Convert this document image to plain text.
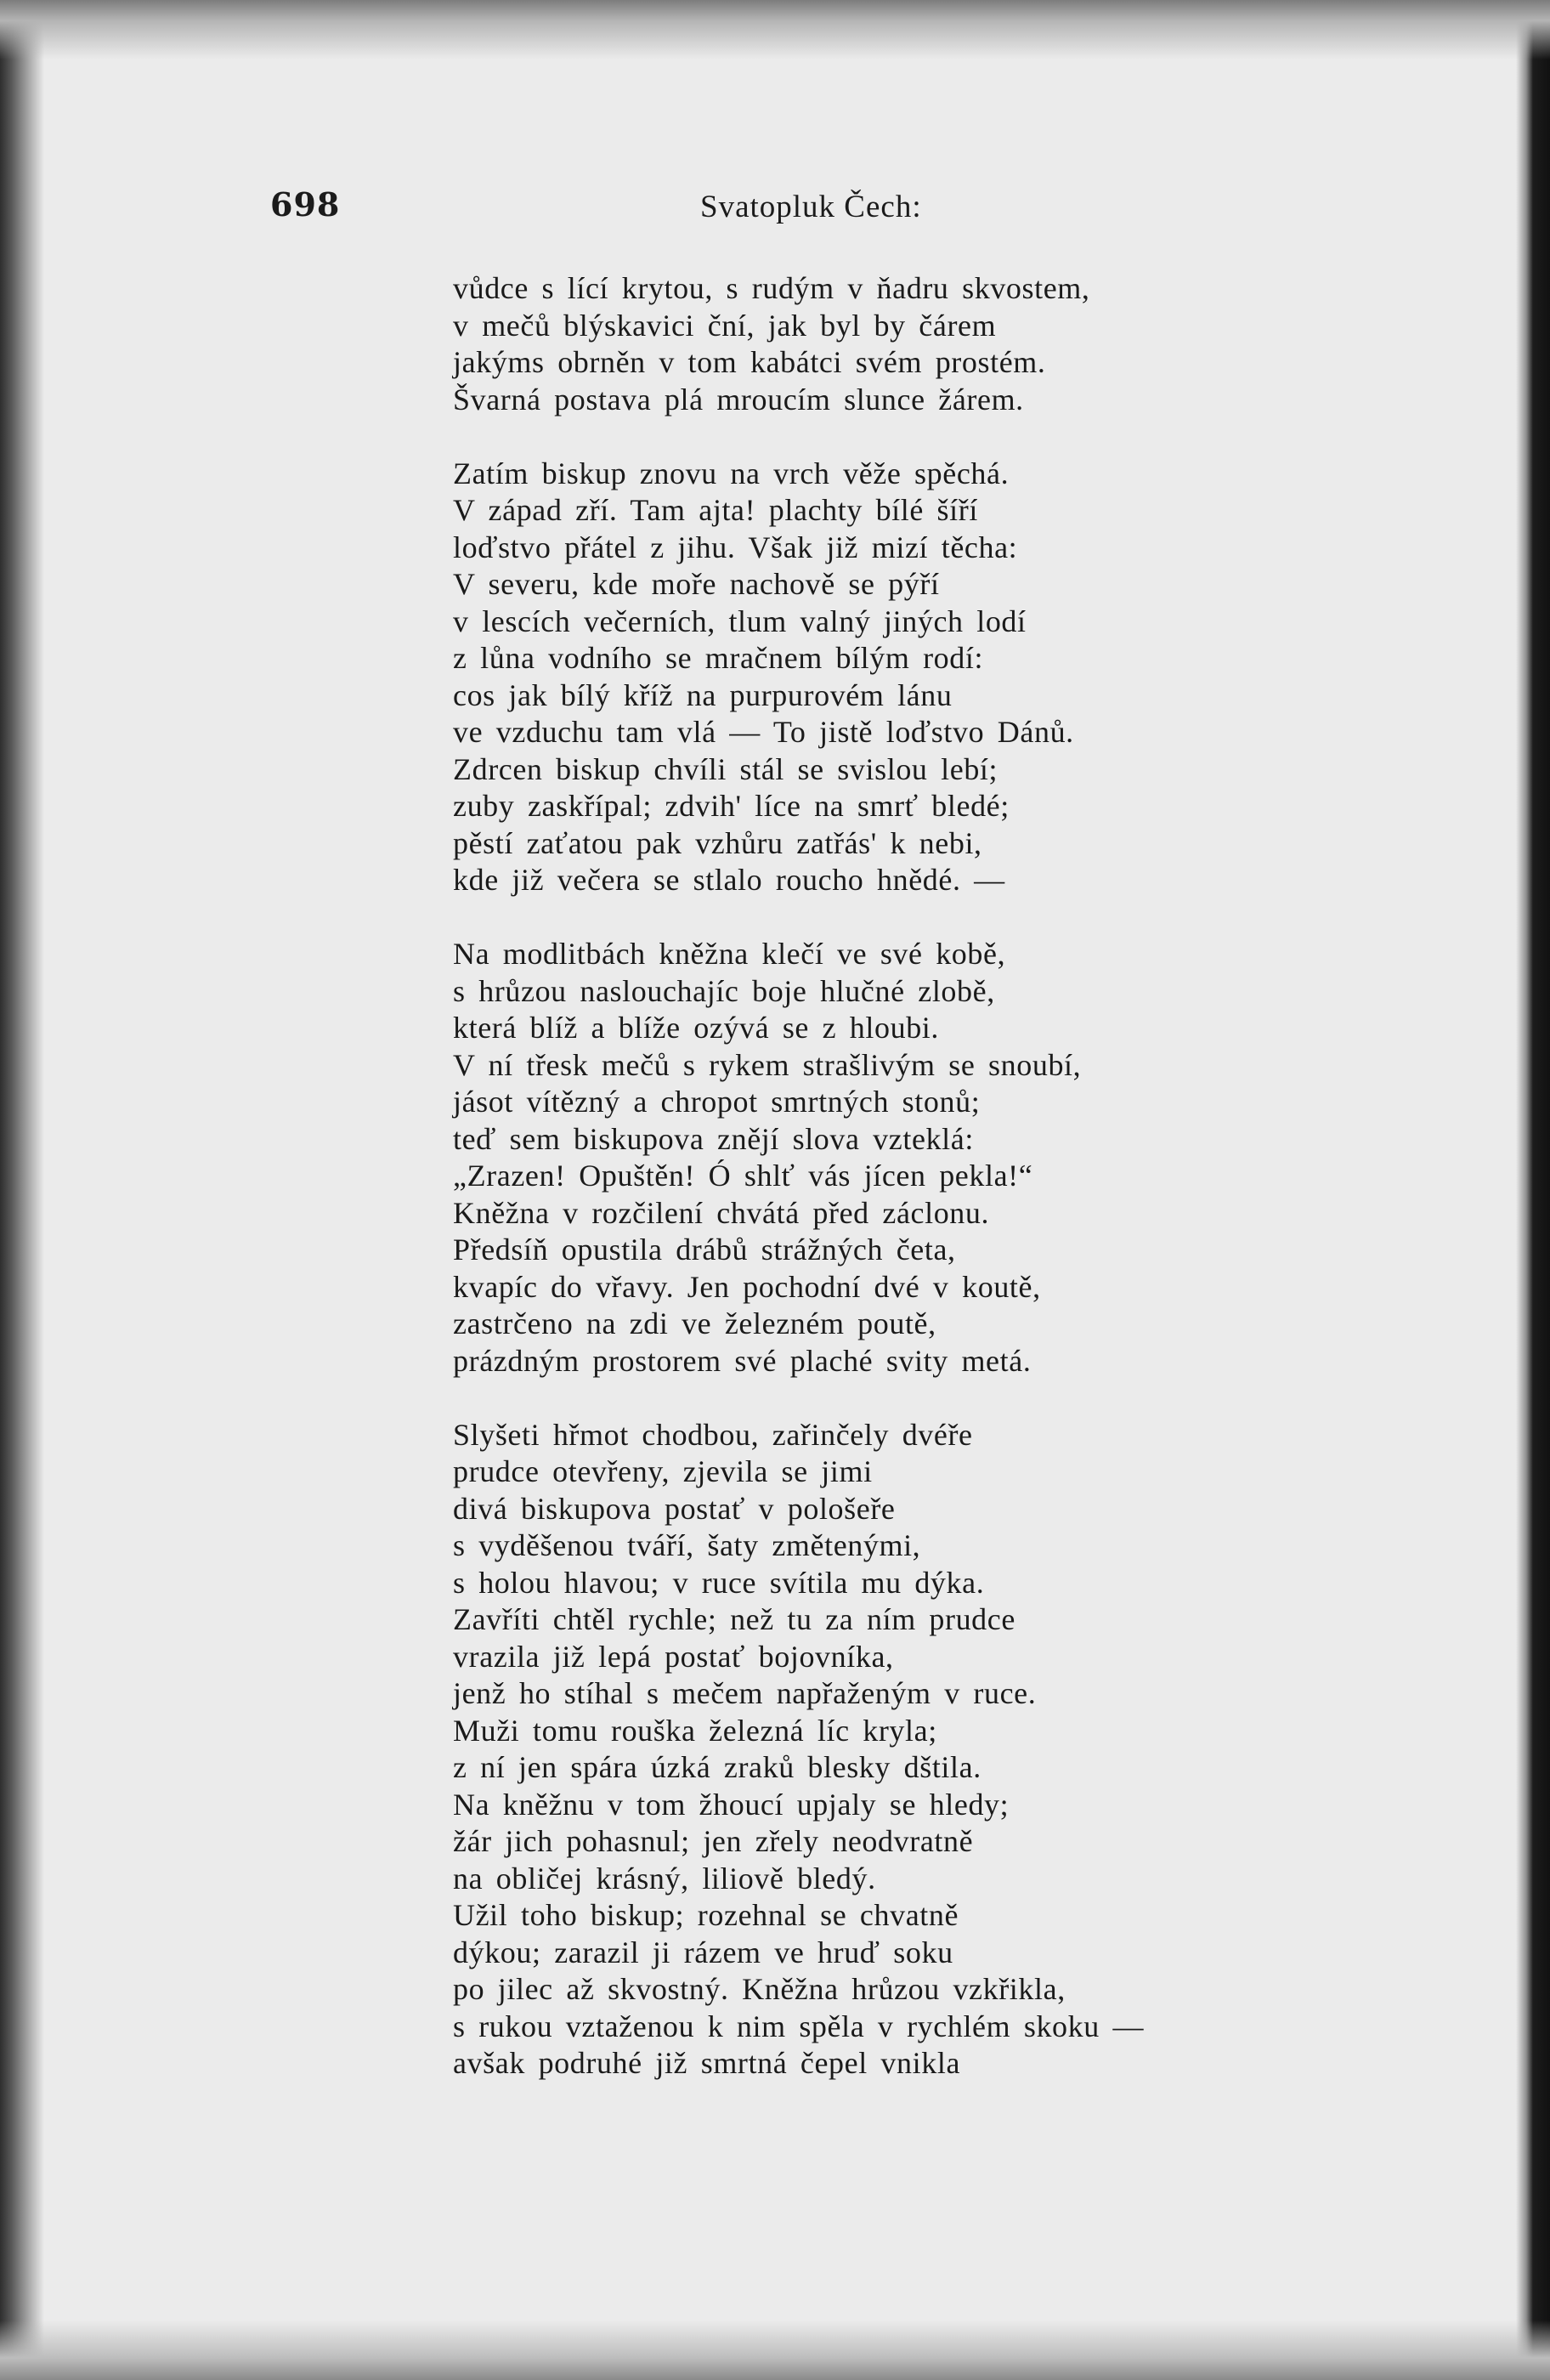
698	Svatopluk Čech:
vůdce s lící krytou, s rudým v ňadru skvostem,
v mečů blýskavici ční, jak byl by čárem
jakýms obrněn v tom kabátci svém prostém.
Švarná postava plá mroucím slunce žárem.
Zatím biskup znovu na vrch věže spěchá.
V západ zří. Tam ajta! plachty bílé šíří
loďstvo přátel z jihu. Však již mizí těcha:
V severu, kde moře nachově se pýří
v lescích večerních, tlum valný jiných lodí
z lůna vodního se mračnem bílým rodí:
cos jak bílý kříž na purpurovém lánu
ve vzduchu tam vlá — To jistě loďstvo Dánů.
Zdrcen biskup chvíli stál se svislou lebí;
zuby zaskřípal; zdvih' líce na smrť bledé;
pěstí zaťatou pak vzhůru zatřás' k nebi,
kde již večera se stlalo roucho hnědé. —
Na modlitbách kněžna klečí ve své kobě,
s hrůzou naslouchajíc boje hlučné zlobě,
která blíž a blíže ozývá se z hloubi.
V ní třesk mečů s rykem strašlivým se snoubí,
jásot vítězný a chropot smrtných stonů;
teď sem biskupova znějí slova vzteklá:
„Zrazen! Opuštěn! Ó shlť vás jícen pekla!“
Kněžna v rozčilení chvátá před záclonu.
Předsíň opustila drábů strážných četa,
kvapíc do vřavy. Jen pochodní dvé v koutě,
zastrčeno na zdi ve železném poutě,
prázdným prostorem své plaché svity metá.
Slyšeti hřmot chodbou, zařinčely dvéře
prudce otevřeny, zjevila se jimi
divá biskupova postať v pološeře
s vyděšenou tváří, šaty změtenými,
s holou hlavou; v ruce svítila mu dýka.
Zavříti chtěl rychle; než tu za ním prudce
vrazila již lepá postať bojovníka,
jenž ho stíhal s mečem napřaženým v ruce.
Muži tomu rouška železná líc kryla;
z ní jen spára úzká zraků blesky dštila.
Na kněžnu v tom žhoucí upjaly se hledy;
žár jich pohasnul; jen zřely neodvratně
na obličej krásný, liliově bledý.
Užil toho biskup; rozehnal se chvatně
dýkou; zarazil ji rázem ve hruď soku
po jilec až skvostný. Kněžna hrůzou vzkřikla,
s rukou vztaženou k nim spěla v rychlém skoku —
avšak podruhé již smrtná čepel vnikla
